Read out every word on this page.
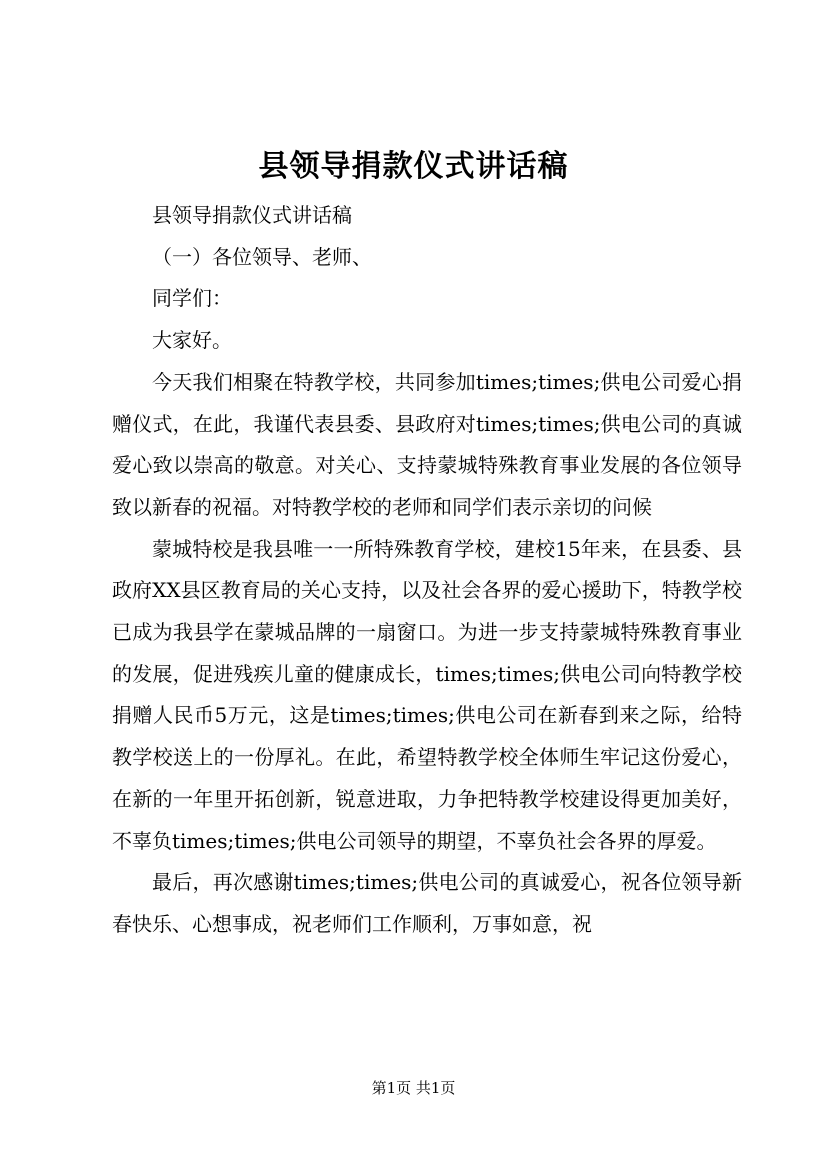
县领导捐款仪式讲话稿

县领导捐款仪式讲话稿

（一）各位领导、老师、

同学们：

大家好。

今天我们相聚在特教学校，共同参加times;times;供电公司爱心捐赠仪式，在此，我谨代表县委、县政府对times;times;供电公司的真诚爱心致以崇高的敬意。对关心、支持蒙城特殊教育事业发展的各位领导致以新春的祝福。对特教学校的老师和同学们表示亲切的问候

蒙城特校是我县唯一一所特殊教育学校，建校15年来，在县委、县政府XX县区教育局的关心支持，以及社会各界的爱心援助下，特教学校已成为我县学在蒙城品牌的一扇窗口。为进一步支持蒙城特殊教育事业的发展，促进残疾儿童的健康成长，times;times;供电公司向特教学校捐赠人民币5万元，这是times;times;供电公司在新春到来之际，给特教学校送上的一份厚礼。在此，希望特教学校全体师生牢记这份爱心，在新的一年里开拓创新，锐意进取，力争把特教学校建设得更加美好，不辜负times;times;供电公司领导的期望，不辜负社会各界的厚爱。

最后，再次感谢times;times;供电公司的真诚爱心，祝各位领导新春快乐、心想事成，祝老师们工作顺利，万事如意，祝

第1页 共1页
